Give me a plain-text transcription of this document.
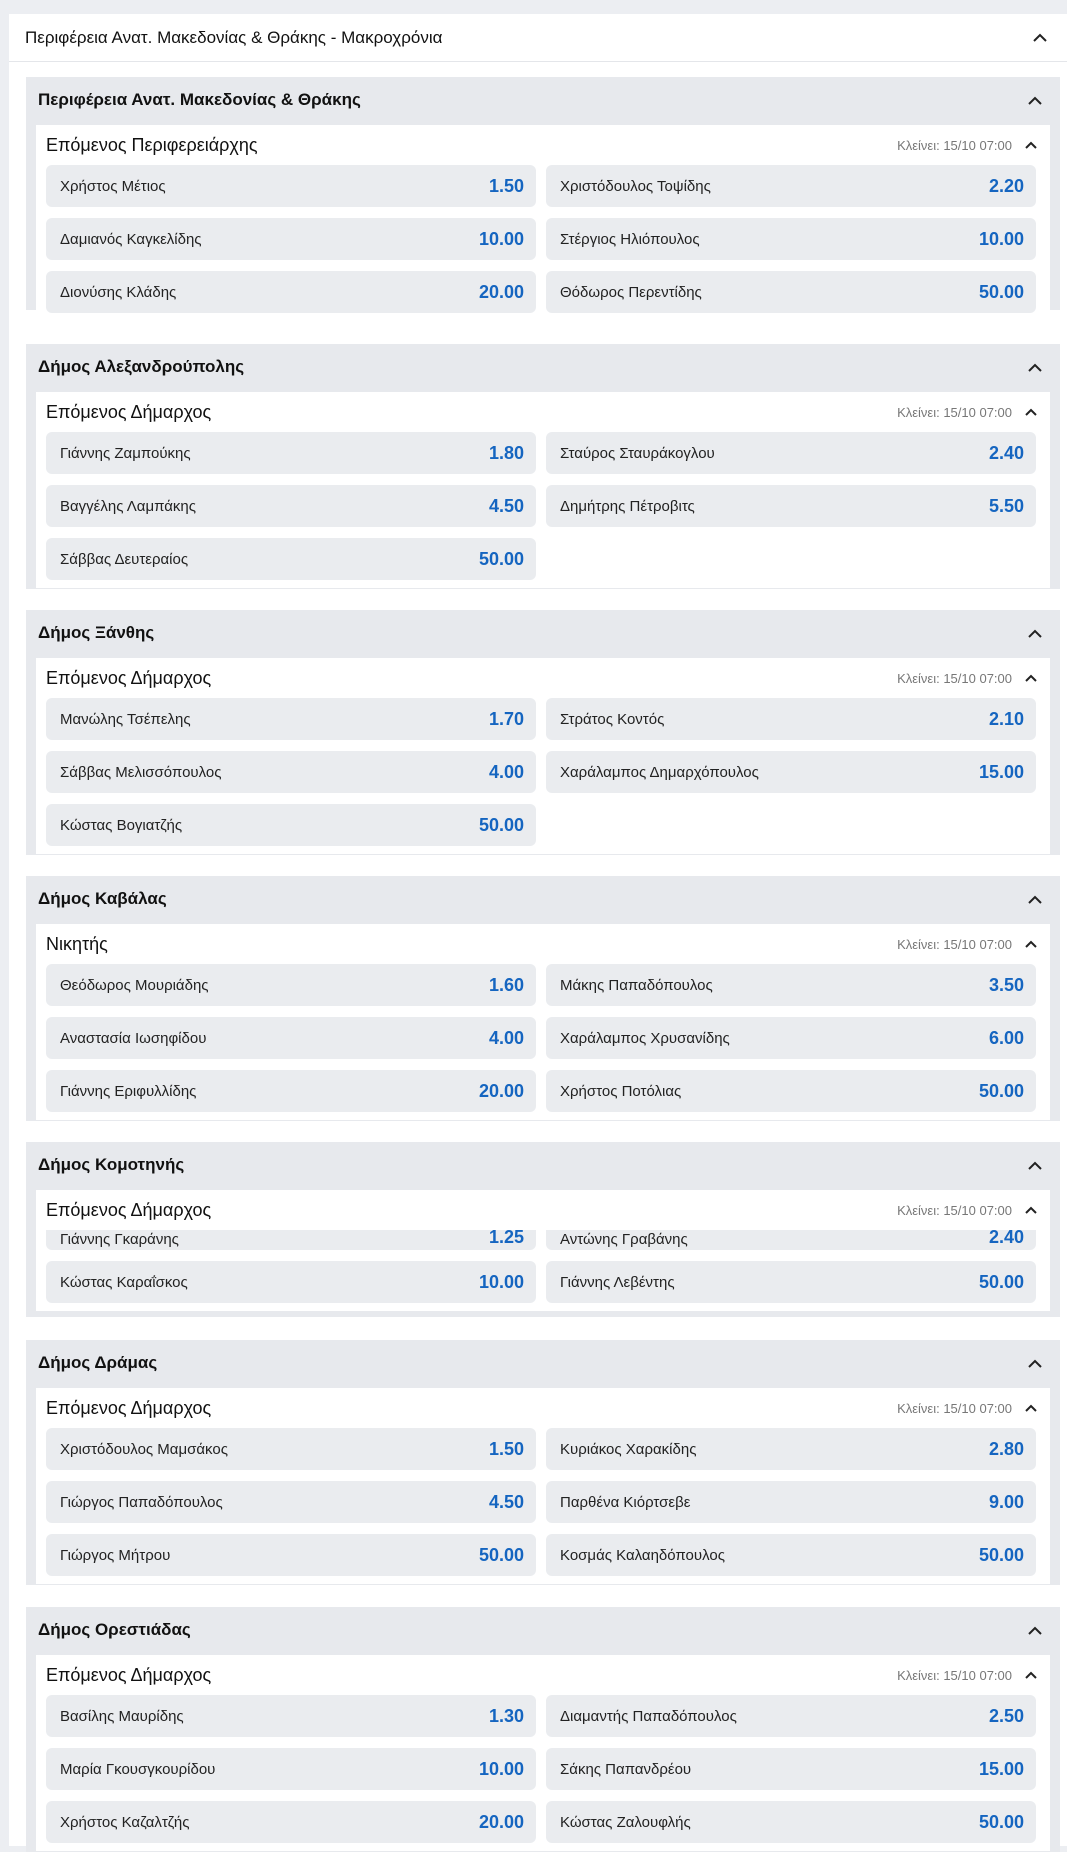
Περιφέρεια Ανατ. Μακεδονίας & Θράκης - Μακροχρόνια
Περιφέρεια Ανατ. Μακεδονίας & Θράκης
Επόμενος Περιφερειάρχης	Κλείνει: 15/10 07:00
Χρήστος Μέτιος	1.50 Χριστόδουλος Τοψίδης	2.20
Δαμιανός Καγκελίδης	10.00 Στέργιος Ηλιόπουλος	10.00
Διονύσης Κλάδης	20.00 Θόδωρος Περεντίδης	50.00
Δήμος Αλεξανδρούπολης
Επόμενος Δήμαρχος	Κλείνει: 15/10 07:00
Γιάννης Ζαμπούκης	1.80 Σταύρος Σταυράκογλου	2.40
Βαγγέλης Λαμπάκης	4.50 Δημήτρης Πέτροβιτς	5.50
Σάββας Δευτεραίος	50.00
Δήμος Ξάνθης
Επόμενος Δήμαρχος	Κλείνει: 15/10 07:00
Μανώλης Τσέπελης	1.70 Στράτος Κοντός	2.10
Σάββας Μελισσόπουλος	4.00 Χαράλαμπος Δημαρχόπουλος	15.00
Κώστας Βογιατζής	50.00
Δήμος Καβάλας
Νικητής	Κλείνει: 15/10 07:00
Θεόδωρος Μουριάδης	1.60 Μάκης Παπαδόπουλος	3.50
Αναστασία Ιωσηφίδου	4.00 Χαράλαμπος Χρυσανίδης	6.00
Γιάννης Εριφυλλίδης	20.00 Χρήστος Ποτόλιας	50.00
Δήμος Κομοτηνής
Επόμενος Δήμαρχος	Κλείνει: 15/10 07:00
Γιάννης Γκαράνης	1.25 Αντώνης Γραβάνης	2.40
Κώστας Καραΐσκος	10.00 Γιάννης Λεβέντης	50.00
Δήμος Δράμας
Επόμενος Δήμαρχος	Κλείνει: 15/10 07:00
Χριστόδουλος Μαμσάκος	1.50 Κυριάκος Χαρακίδης	2.80
Γιώργος Παπαδόπουλος	4.50 Παρθένα Κιόρτσεβε	9.00
Γιώργος Μήτρου	50.00 Κοσμάς Καλαηδόπουλος	50.00
Δήμος Ορεστιάδας
Επόμενος Δήμαρχος	Κλείνει: 15/10 07:00
Βασίλης Μαυρίδης	1.30 Διαμαντής Παπαδόπουλος	2.50
Μαρία Γκουσγκουρίδου	10.00 Σάκης Παπανδρέου	15.00
Χρήστος Καζαλτζής	20.00 Κώστας Ζαλουφλής	50.00
